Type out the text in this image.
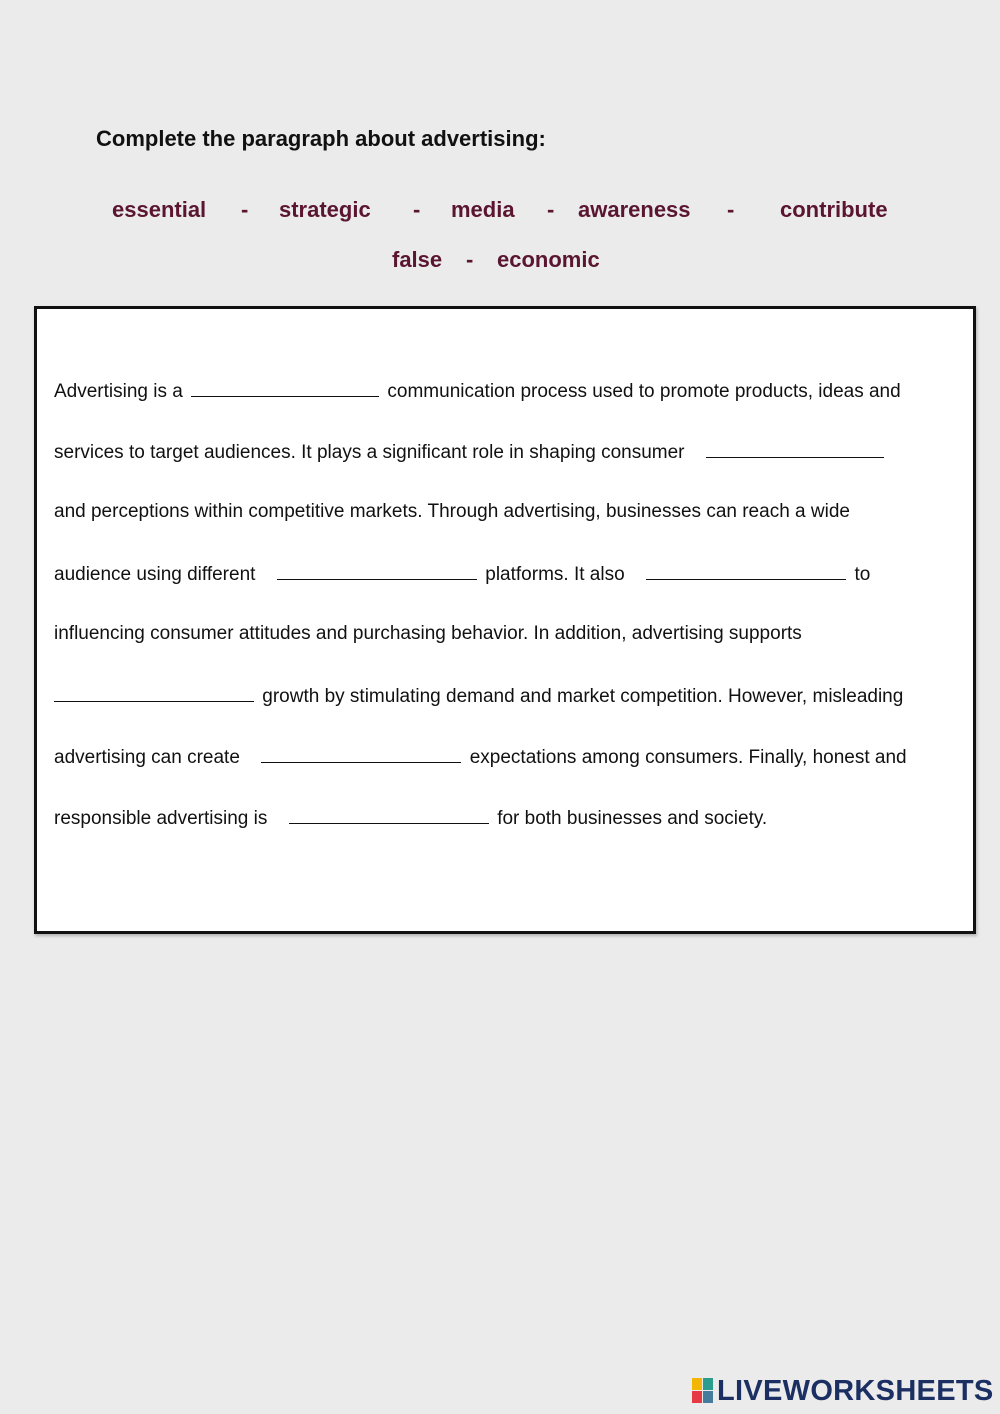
Complete the paragraph about advertising:
essential - strategic - media - awareness - contribute
false - economic
Advertising is a	communication process used to promote products, ideas and
services to target audiences. It plays a significant role in shaping consumer
and perceptions within competitive markets. Through advertising, businesses can reach a wide
audience using different	platforms. It also	to
influencing consumer attitudes and purchasing behavior. In addition, advertising supports
growth by stimulating demand and market competition. However, misleading
advertising can create	expectations among consumers. Finally, honest and
responsible advertising is	for both businesses and society.
LIVEWORKSHEETS
